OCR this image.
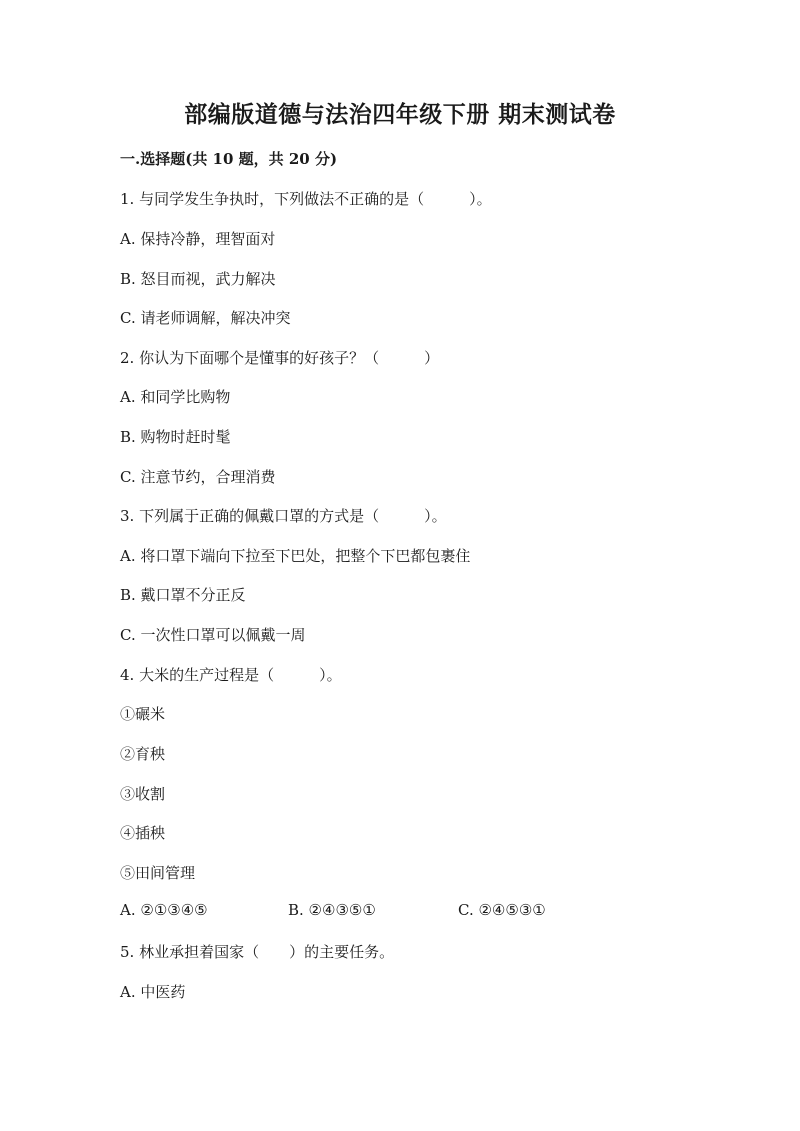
部编版道德与法治四年级下册 期末测试卷
一.选择题(共 10 题，共 20 分)
1. 与同学发生争执时，下列做法不正确的是（　　　）。
A. 保持冷静，理智面对
B. 怒目而视，武力解决
C. 请老师调解，解决冲突
2. 你认为下面哪个是懂事的好孩子？（　　　）
A. 和同学比购物
B. 购物时赶时髦
C. 注意节约，合理消费
3. 下列属于正确的佩戴口罩的方式是（　　　）。
A. 将口罩下端向下拉至下巴处，把整个下巴都包裹住
B. 戴口罩不分正反
C. 一次性口罩可以佩戴一周
4. 大米的生产过程是（　　　）。
①碾米
②育秧
③收割
④插秧
⑤田间管理
A. ②①③④⑤	B. ②④③⑤①	C. ②④⑤③①
5. 林业承担着国家（　　）的主要任务。
A. 中医药
